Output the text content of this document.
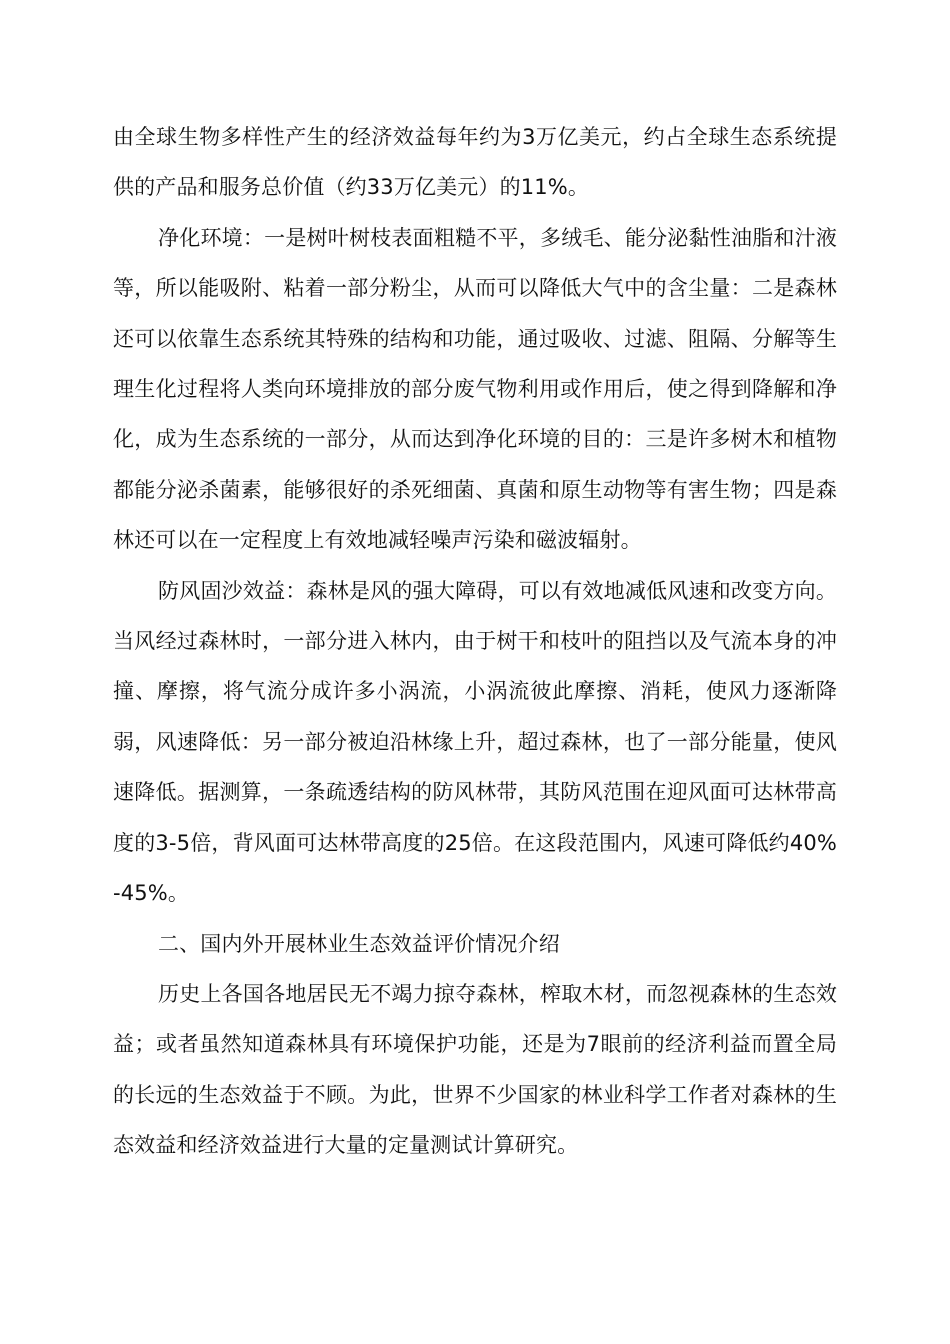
由全球生物多样性产生的经济效益每年约为3万亿美元，约占全球生态系统提供的产品和服务总价值（约33万亿美元）的11%。

净化环境：一是树叶树枝表面粗糙不平，多绒毛、能分泌黏性油脂和汁液等，所以能吸附、粘着一部分粉尘，从而可以降低大气中的含尘量：二是森林还可以依靠生态系统其特殊的结构和功能，通过吸收、过滤、阻隔、分解等生理生化过程将人类向环境排放的部分废气物利用或作用后，使之得到降解和净化，成为生态系统的一部分，从而达到净化环境的目的：三是许多树木和植物都能分泌杀菌素，能够很好的杀死细菌、真菌和原生动物等有害生物；四是森林还可以在一定程度上有效地减轻噪声污染和磁波辐射。

防风固沙效益：森林是风的强大障碍，可以有效地减低风速和改变方向。当风经过森林时，一部分进入林内，由于树干和枝叶的阻挡以及气流本身的冲撞、摩擦，将气流分成许多小涡流，小涡流彼此摩擦、消耗，使风力逐渐降弱，风速降低：另一部分被迫沿林缘上升，超过森林，也了一部分能量，使风速降低。据测算，一条疏透结构的防风林带，其防风范围在迎风面可达林带高度的3-5倍，背风面可达林带高度的25倍。在这段范围内，风速可降低约40%-45%。

二、国内外开展林业生态效益评价情况介绍

历史上各国各地居民无不竭力掠夺森林，榨取木材，而忽视森林的生态效益；或者虽然知道森林具有环境保护功能，还是为7眼前的经济利益而置全局的长远的生态效益于不顾。为此，世界不少国家的林业科学工作者对森林的生态效益和经济效益进行大量的定量测试计算研究。
